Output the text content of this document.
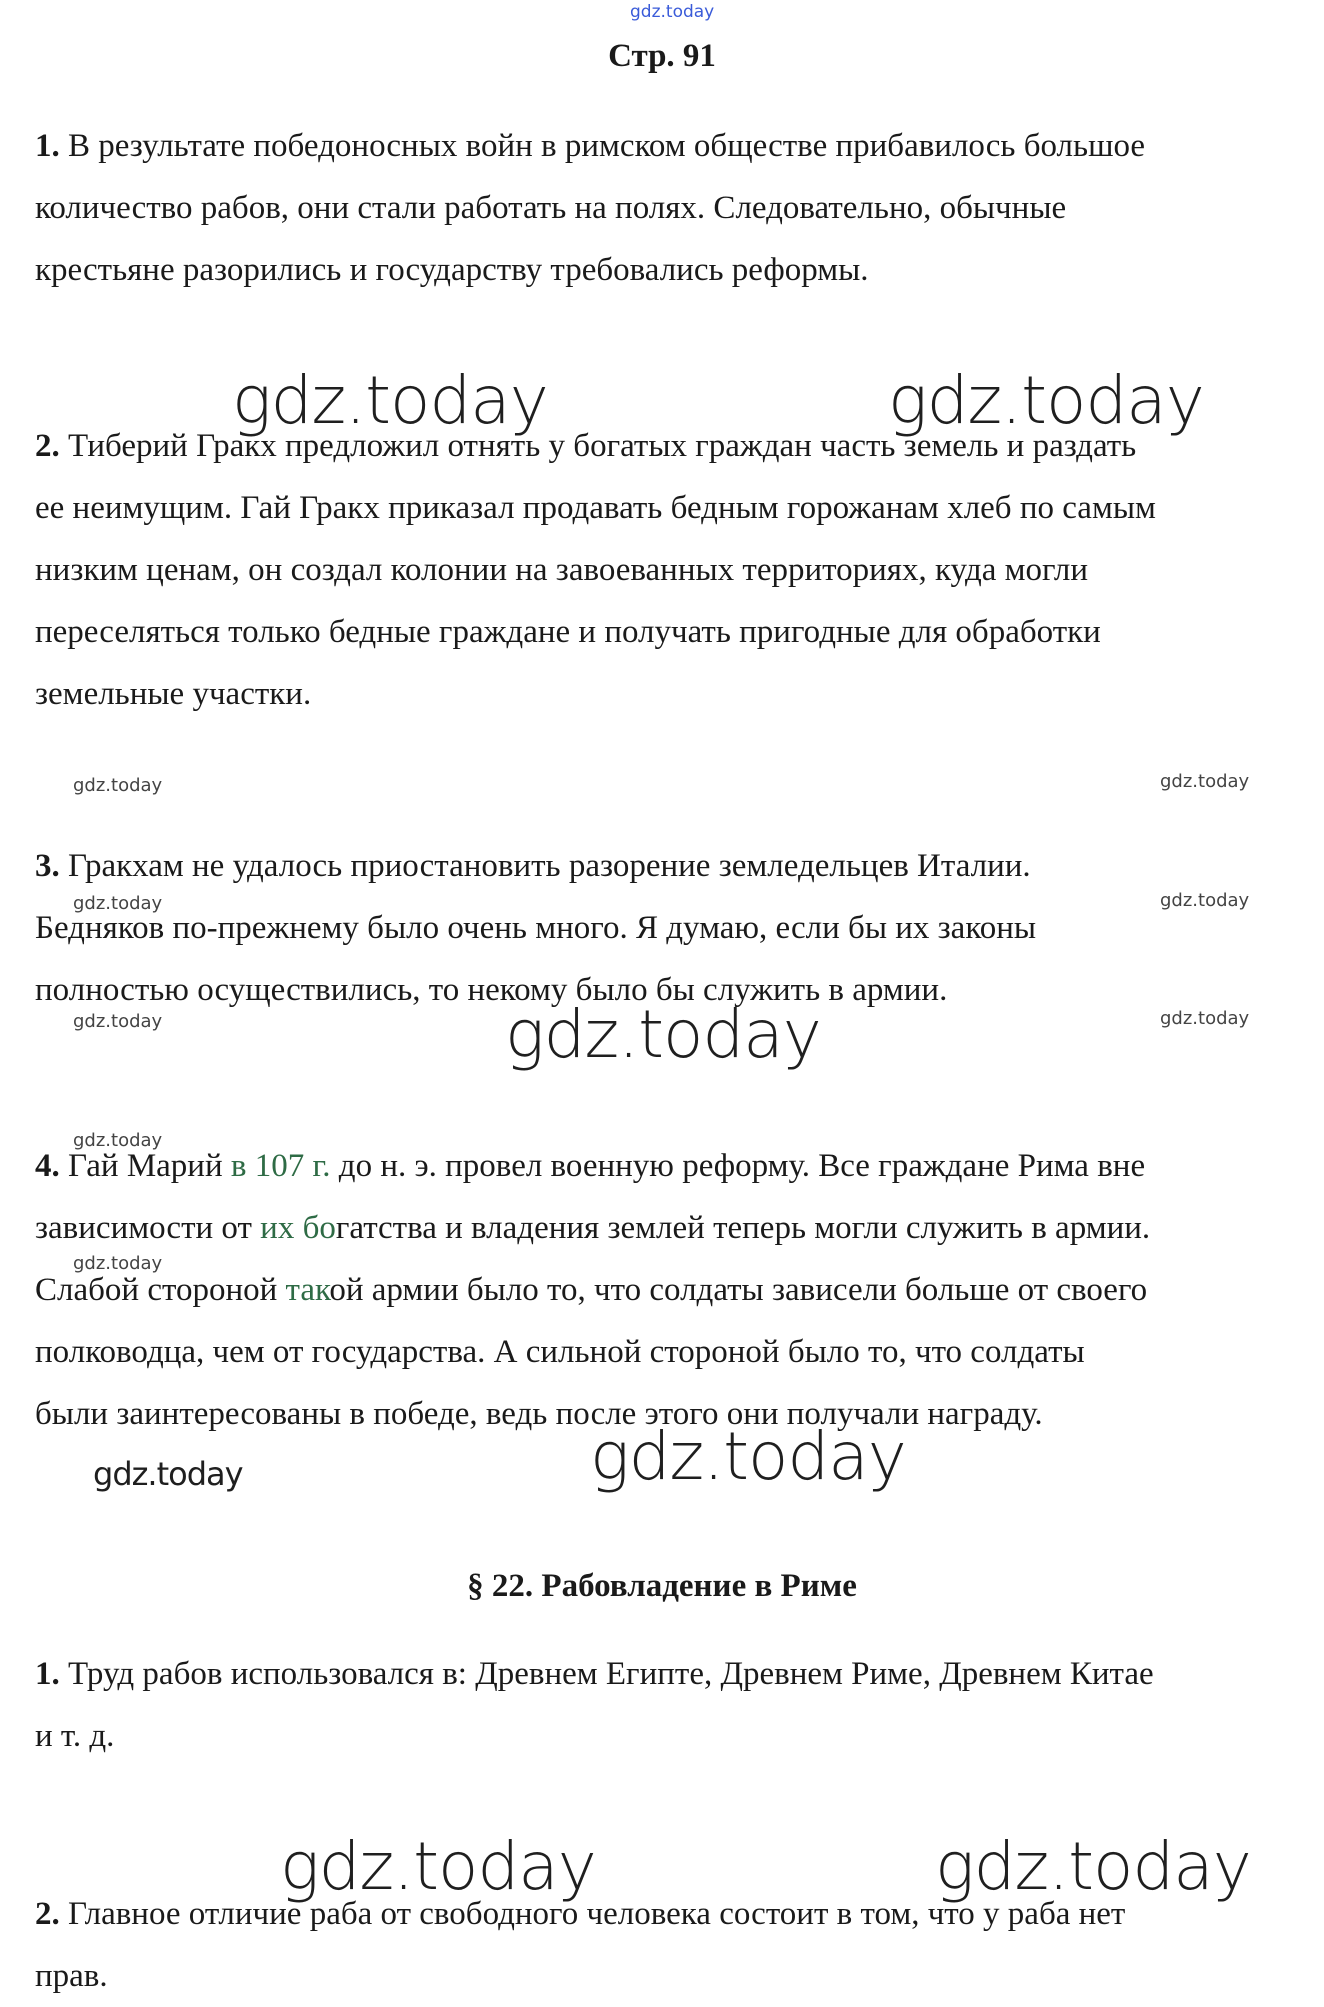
gdz.today
Стр. 91
1. В результате победоносных войн в римском обществе прибавилось большое
количество рабов, они стали работать на полях. Следовательно, обычные
крестьяне разорились и государству требовались реформы.
gdz.today	gdz.today
2. Тиберий Гракх предложил отнять у богатых граждан часть земель и раздать
ее неимущим. Гай Гракх приказал продавать бедным горожанам хлеб по самым
низким ценам, он создал колонии на завоеванных территориях, куда могли
переселяться только бедные граждане и получать пригодные для обработки
земельные участки.
gdz.today	gdz.today
3. Гракхам не удалось приостановить разорение земледельцев Италии.
Бедняков по-прежнему было очень много. Я думаю, если бы их законы
полностью осуществились, то некому было бы служить в армии.
gdz.today	gdz.today
gdz.today	gdz.today
gdz.today
gdz.today
4. Гай Марий в 107 г. до н. э. провел военную реформу. Все граждане Рима вне
зависимости от их богатства и владения землей теперь могли служить в армии.
Слабой стороной такой армии было то, что солдаты зависели больше от своего
полководца, чем от государства. А сильной стороной было то, что солдаты
были заинтересованы в победе, ведь после этого они получали награду.
gdz.today
gdz.today	gdz.today
§ 22. Рабовладение в Риме
1. Труд рабов использовался в: Древнем Египте, Древнем Риме, Древнем Китае
и т. д.
gdz.today	gdz.today
2. Главное отличие раба от свободного человека состоит в том, что у раба нет
прав.
